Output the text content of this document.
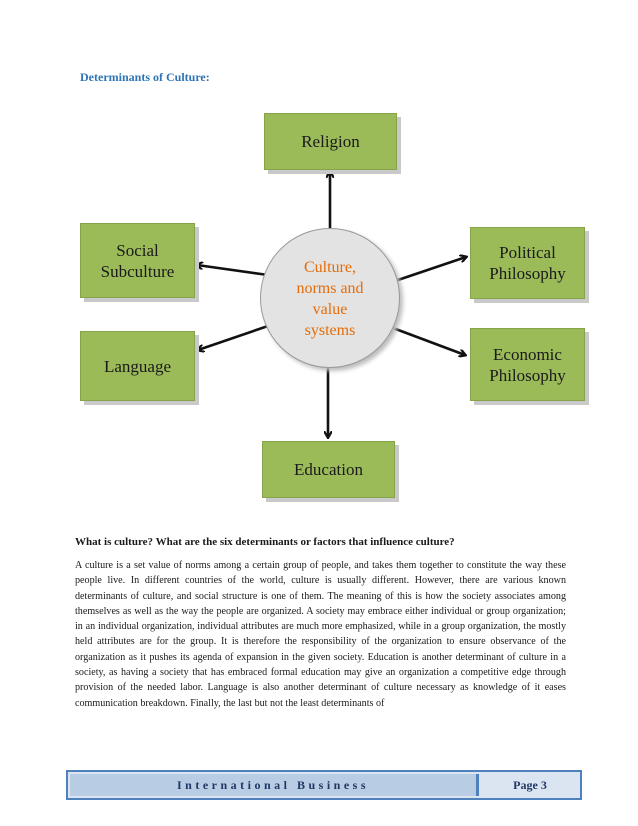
Determinants of Culture:
Religion
Social
Subculture
Political
Philosophy
Language
Economic
Philosophy
Education
Culture,
norms and
value
systems
What is culture? What are the six determinants or factors that influence culture?

A culture is a set value of norms among a certain group of people, and takes them together to constitute the way these people live. In different countries of the world, culture is usually different. However, there are various known determinants of culture, and social structure is one of them. The meaning of this is how the society associates among themselves as well as the way the people are organized. A society may embrace either individual or group organization; in an individual organization, individual attributes are much more emphasized, while in a group organization, the mostly held attributes are for the group. It is therefore the responsibility of the organization to ensure observance of the organization as it pushes its agenda of expansion in the given society. Education is another determinant of culture in a society, as having a society that has embraced formal education may give an organization a competitive edge through provision of the needed labor. Language is also another determinant of culture necessary as knowledge of it eases communication breakdown. Finally, the last but not the least determinants of

International Business	Page 3
